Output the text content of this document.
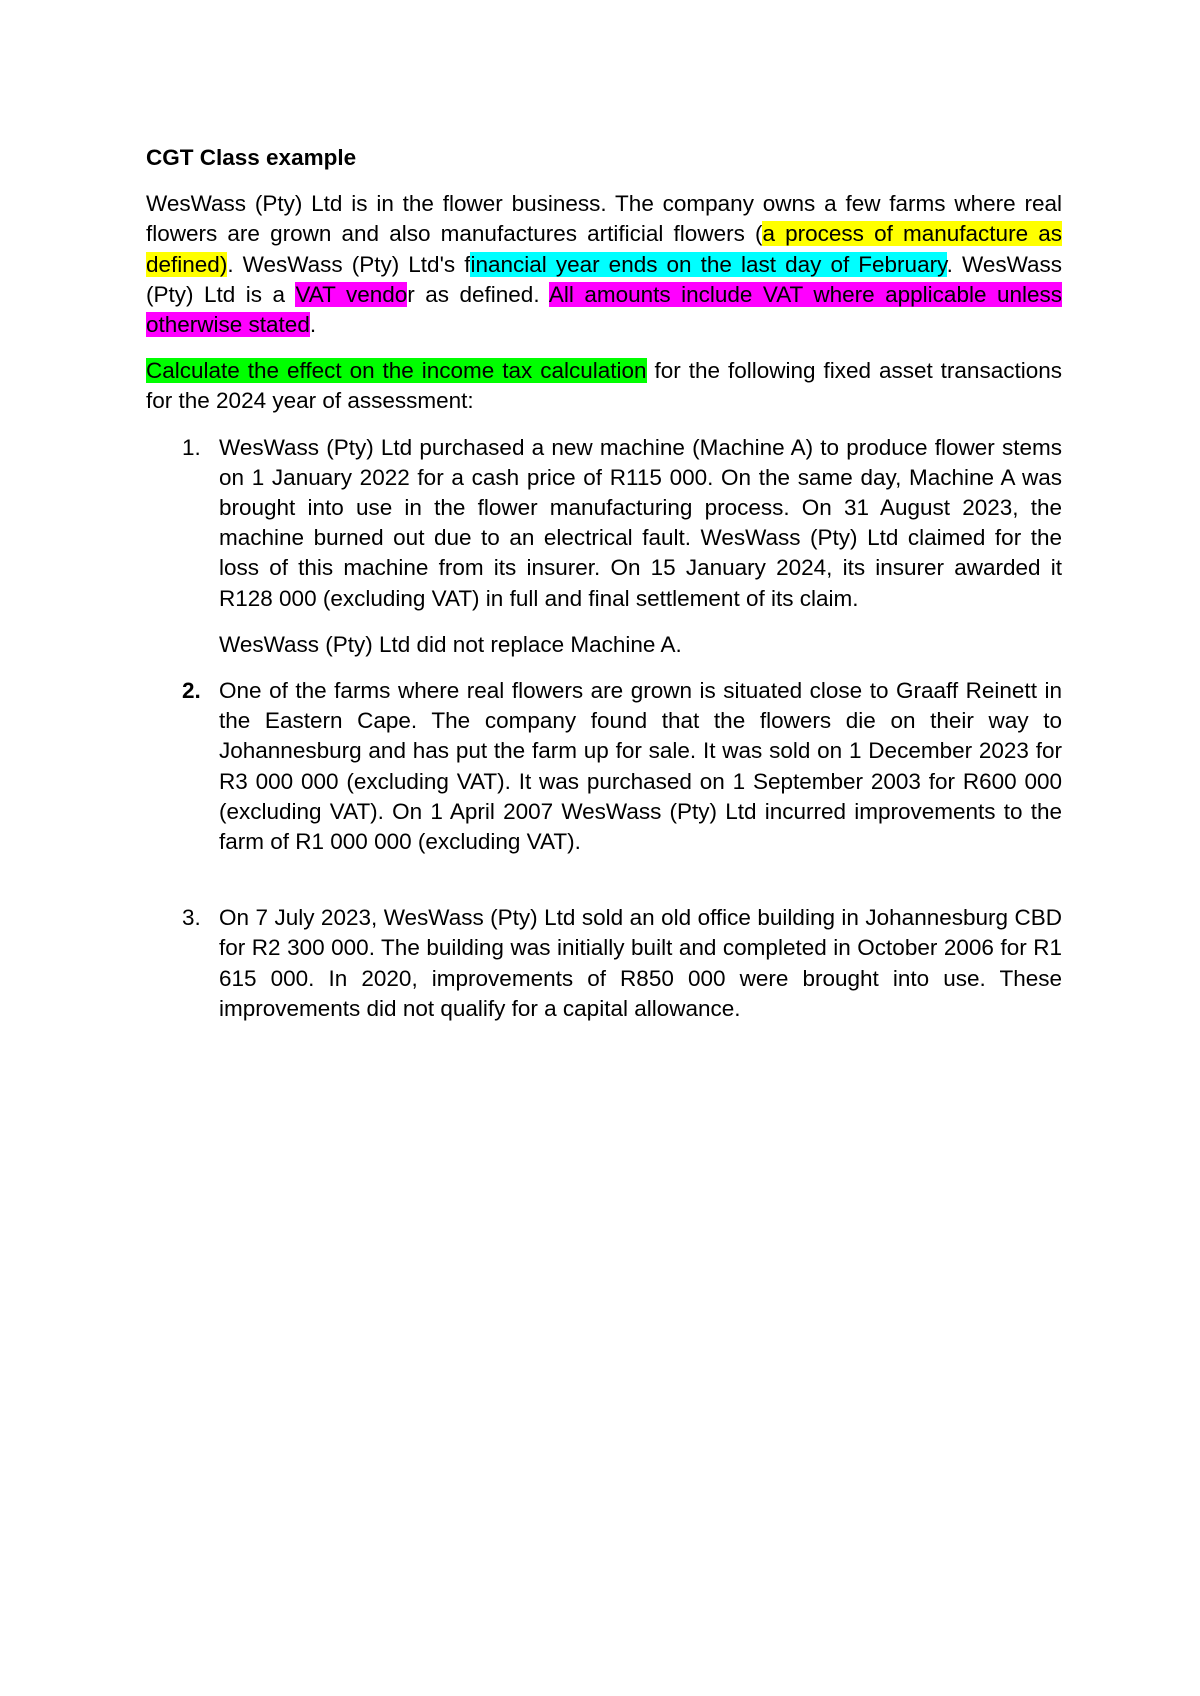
CGT Class example

WesWass (Pty) Ltd is in the flower business. The company owns a few farms where real flowers are grown and also manufactures artificial flowers (a process of manufacture as defined). WesWass (Pty) Ltd's financial year ends on the last day of February. WesWass (Pty) Ltd is a VAT vendor as defined. All amounts include VAT where applicable unless otherwise stated.

Calculate the effect on the income tax calculation for the following fixed asset transactions for the 2024 year of assessment:

1. WesWass (Pty) Ltd purchased a new machine (Machine A) to produce flower stems on 1 January 2022 for a cash price of R115 000. On the same day, Machine A was brought into use in the flower manufacturing process. On 31 August 2023, the machine burned out due to an electrical fault. WesWass (Pty) Ltd claimed for the loss of this machine from its insurer. On 15 January 2024, its insurer awarded it R128 000 (excluding VAT) in full and final settlement of its claim.

WesWass (Pty) Ltd did not replace Machine A.

2. One of the farms where real flowers are grown is situated close to Graaff Reinett in the Eastern Cape. The company found that the flowers die on their way to Johannesburg and has put the farm up for sale. It was sold on 1 December 2023 for R3 000 000 (excluding VAT). It was purchased on 1 September 2003 for R600 000 (excluding VAT). On 1 April 2007 WesWass (Pty) Ltd incurred improvements to the farm of R1 000 000 (excluding VAT).

3. On 7 July 2023, WesWass (Pty) Ltd sold an old office building in Johannesburg CBD for R2 300 000. The building was initially built and completed in October 2006 for R1 615 000. In 2020, improvements of R850 000 were brought into use. These improvements did not qualify for a capital allowance.
